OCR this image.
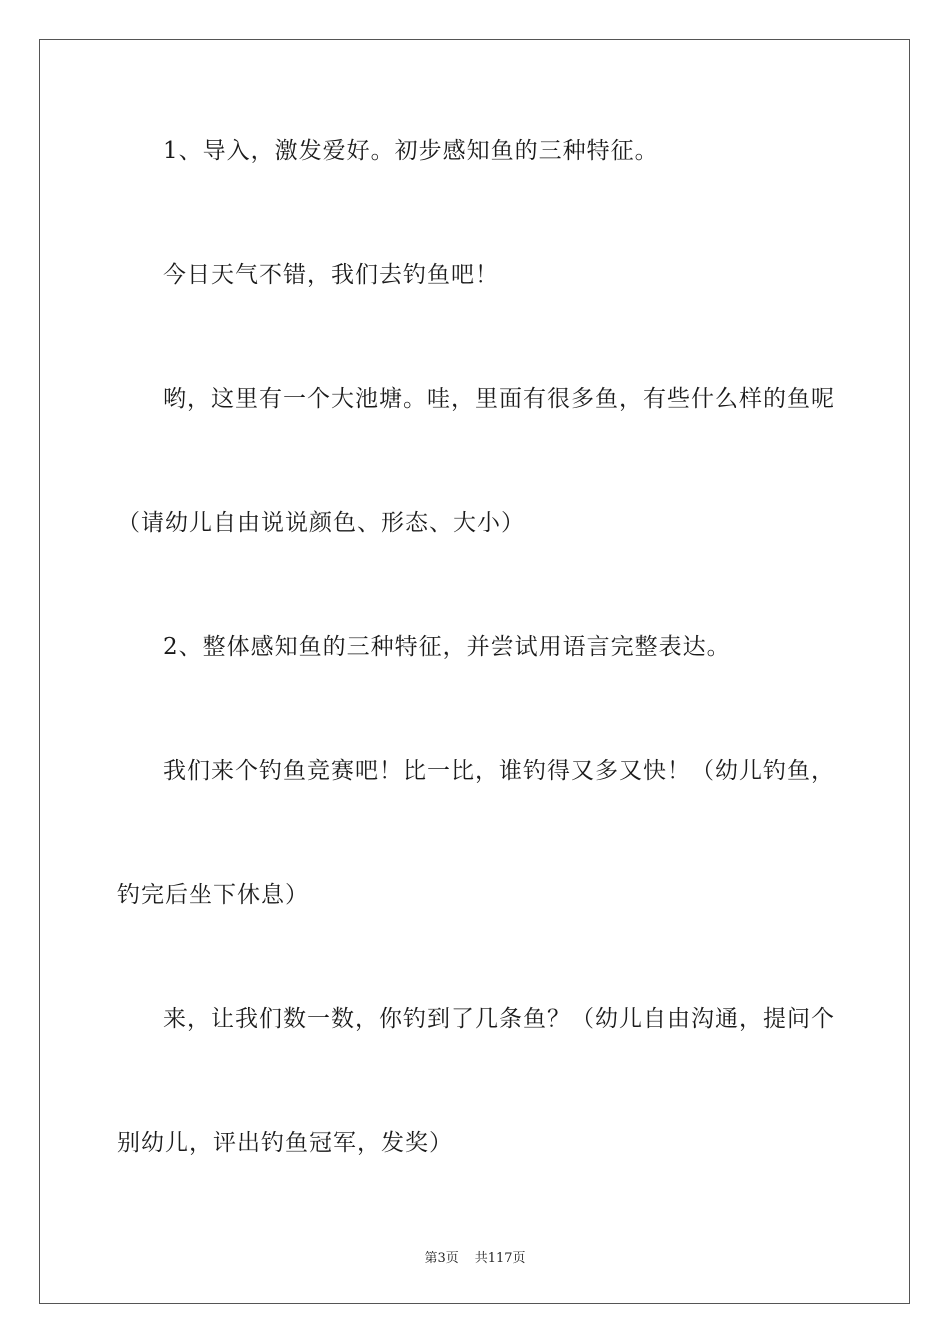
1、导入，激发爱好。初步感知鱼的三种特征。

今日天气不错，我们去钓鱼吧！

哟，这里有一个大池塘。哇，里面有很多鱼，有些什么样的鱼呢

（请幼儿自由说说颜色、形态、大小）

2、整体感知鱼的三种特征，并尝试用语言完整表达。

我们来个钓鱼竞赛吧！比一比，谁钓得又多又快！（幼儿钓鱼，

钓完后坐下休息）

来，让我们数一数，你钓到了几条鱼？（幼儿自由沟通，提问个

别幼儿，评出钓鱼冠军，发奖）

第3页 共117页
